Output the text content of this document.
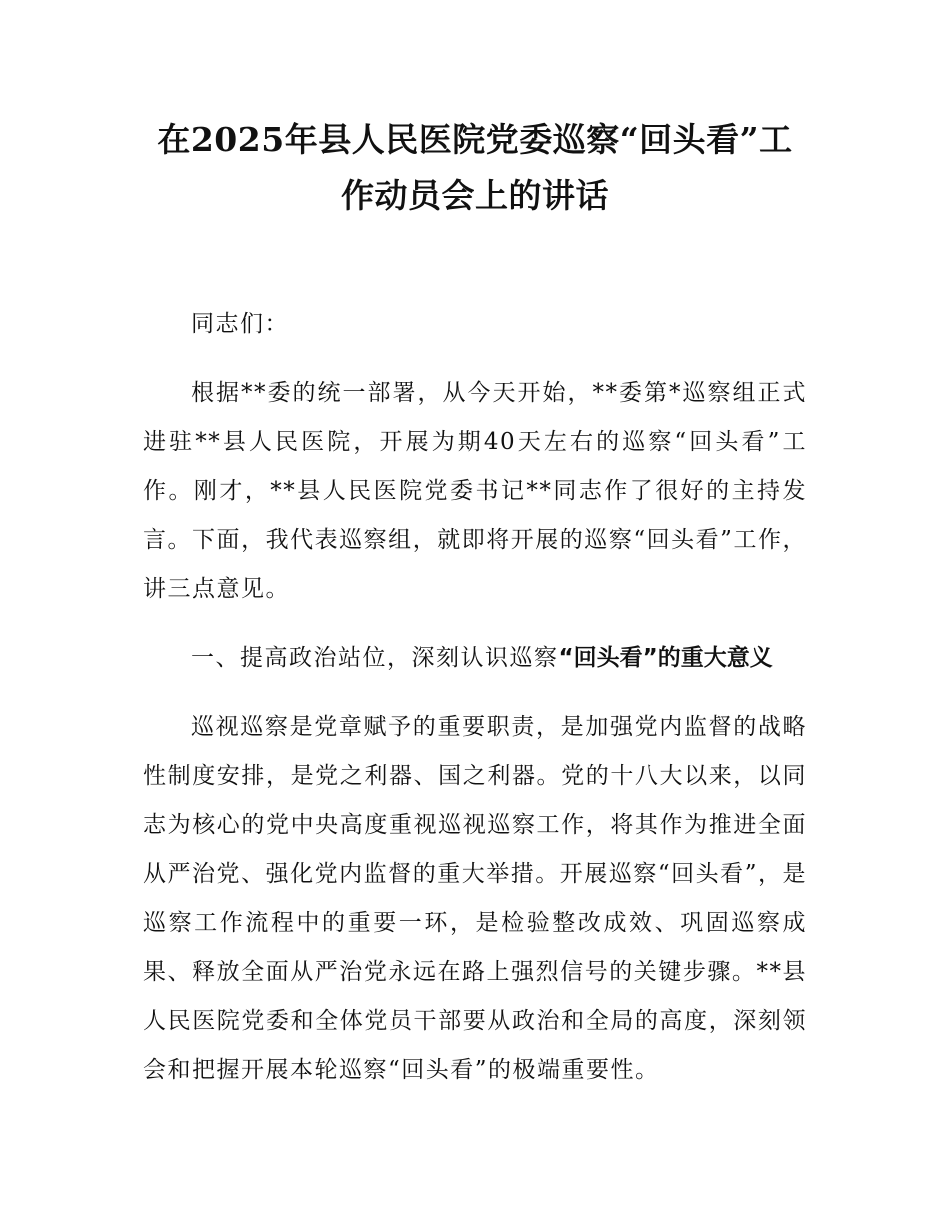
在2025年县人民医院党委巡察“回头看”工
作动员会上的讲话

同志们：

根据**委的统一部署，从今天开始，**委第*巡察组正式进驻**县人民医院，开展为期40天左右的巡察“回头看”工作。刚才，**县人民医院党委书记**同志作了很好的主持发言。下面，我代表巡察组，就即将开展的巡察“回头看”工作，讲三点意见。

一、提高政治站位，深刻认识巡察“回头看”的重大意义

巡视巡察是党章赋予的重要职责，是加强党内监督的战略性制度安排，是党之利器、国之利器。党的十八大以来，以同志为核心的党中央高度重视巡视巡察工作，将其作为推进全面从严治党、强化党内监督的重大举措。开展巡察“回头看”，是巡察工作流程中的重要一环，是检验整改成效、巩固巡察成果、释放全面从严治党永远在路上强烈信号的关键步骤。**县人民医院党委和全体党员干部要从政治和全局的高度，深刻领会和把握开展本轮巡察“回头看”的极端重要性。
